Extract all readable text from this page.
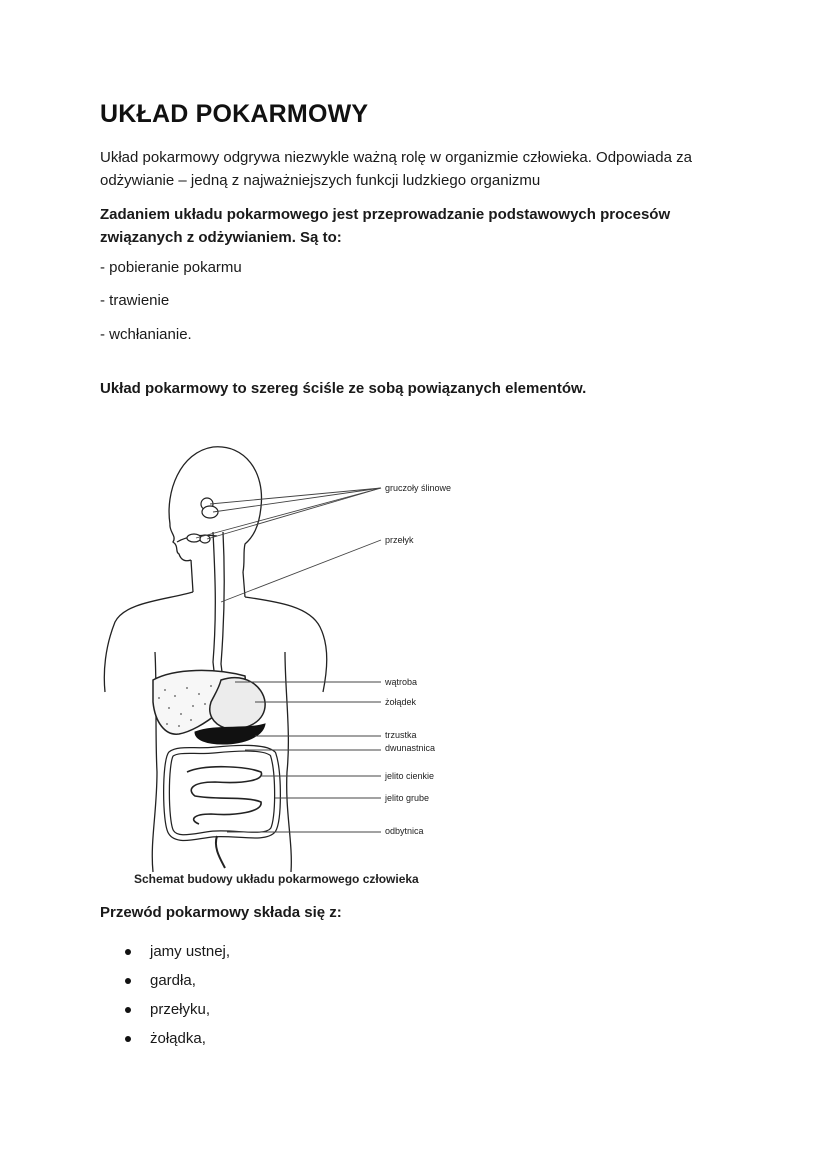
UKŁAD POKARMOWY

Układ pokarmowy odgrywa niezwykle ważną rolę w organizmie człowieka. Odpowiada za odżywianie – jedną z najważniejszych funkcji ludzkiego organizmu

Zadaniem układu pokarmowego jest przeprowadzanie podstawowych procesów związanych z odżywianiem. Są to:

- pobieranie pokarmu

- trawienie

- wchłanianie.

Układ pokarmowy to szereg ściśle ze sobą powiązanych elementów.

gruczoły ślinowe
przełyk
wątroba
żołądek
trzustka
dwunastnica
jelito cienkie
jelito grube
odbytnica

Schemat budowy układu pokarmowego człowieka

Przewód pokarmowy składa się z:

jamy ustnej,
gardła,
przełyku,
żołądka,
